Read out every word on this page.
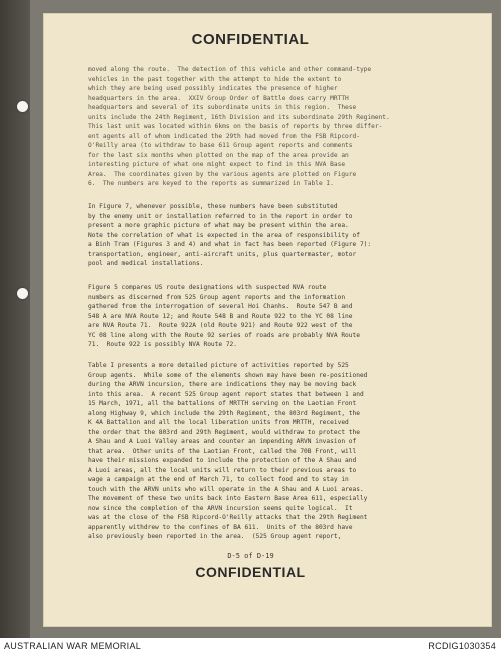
CONFIDENTIAL
moved along the route.  The detection of this vehicle and other command-type
vehicles in the past together with the attempt to hide the extent to
which they are being used possibly indicates the presence of higher
headquarters in the area.  XXIV Group Order of Battle does carry MRTTH
headquarters and several of its subordinate units in this region.  These
units include the 24th Regiment, 16th Division and its subordinate 29th Regiment.
This last unit was located within 6kms on the basis of reports by three differ-
ent agents all of whom indicated the 29th had moved from the FSB Ripcord-
O'Reilly area (to withdraw to base 611 Group agent reports and comments
for the last six months when plotted on the map of the area provide an
interesting picture of what one might expect to find in this NVA Base
Area.  The coordinates given by the various agents are plotted on Figure
6.  The numbers are keyed to the reports as summarized in Table I.
In Figure 7, whenever possible, these numbers have been substituted
by the enemy unit or installation referred to in the report in order to
present a more graphic picture of what may be present within the area.
Note the correlation of what is expected in the area of responsibility of
a Binh Tram (Figures 3 and 4) and what in fact has been reported (Figure 7):
transportation, engineer, anti-aircraft units, plus quartermaster, motor
pool and medical installations.
Figure 5 compares US route designations with suspected NVA route
numbers as discerned from 525 Group agent reports and the information
gathered from the interrogation of several Hoi Chanhs.  Route 547 B and
548 A are NVA Route 12; and Route 548 B and Route 922 to the YC 08 line
are NVA Route 71.  Route 922A (old Route 921) and Route 922 west of the
YC 08 line along with the Route 92 series of roads are probably NVA Route
71.  Route 922 is possibly NVA Route 72.
Table I presents a more detailed picture of activities reported by 525
Group agents.  While some of the elements shown may have been re-positioned
during the ARVN incursion, there are indications they may be moving back
into this area.  A recent 525 Group agent report states that between 1 and
15 March, 1971, all the battalions of MRTTH serving on the Laotian Front
along Highway 9, which include the 29th Regiment, the 803rd Regiment, the
K 4A Battalion and all the local liberation units from MRTTH, received
the order that the 803rd and 29th Regiment, would withdraw to protect the
A Shau and A Luoi Valley areas and counter an impending ARVN invasion of
that area.  Other units of the Laotian Front, called the 70B Front, will
have their missions expanded to include the protection of the A Shau and
A Luoi areas, all the local units will return to their previous areas to
wage a campaign at the end of March 71, to collect food and to stay in
touch with the ARVN units who will operate in the A Shau and A Luoi areas.
The movement of these two units back into Eastern Base Area 611, especially
now since the completion of the ARVN incursion seems quite logical.  It
was at the close of the FSB Ripcord-O'Reilly attacks that the 29th Regiment
apparently withdrew to the confines of BA 611.  Units of the 803rd have
also previously been reported in the area.  (525 Group agent report,
D-5 of D-19
CONFIDENTIAL
AUSTRALIAN WAR MEMORIAL	RCDIG1030354
